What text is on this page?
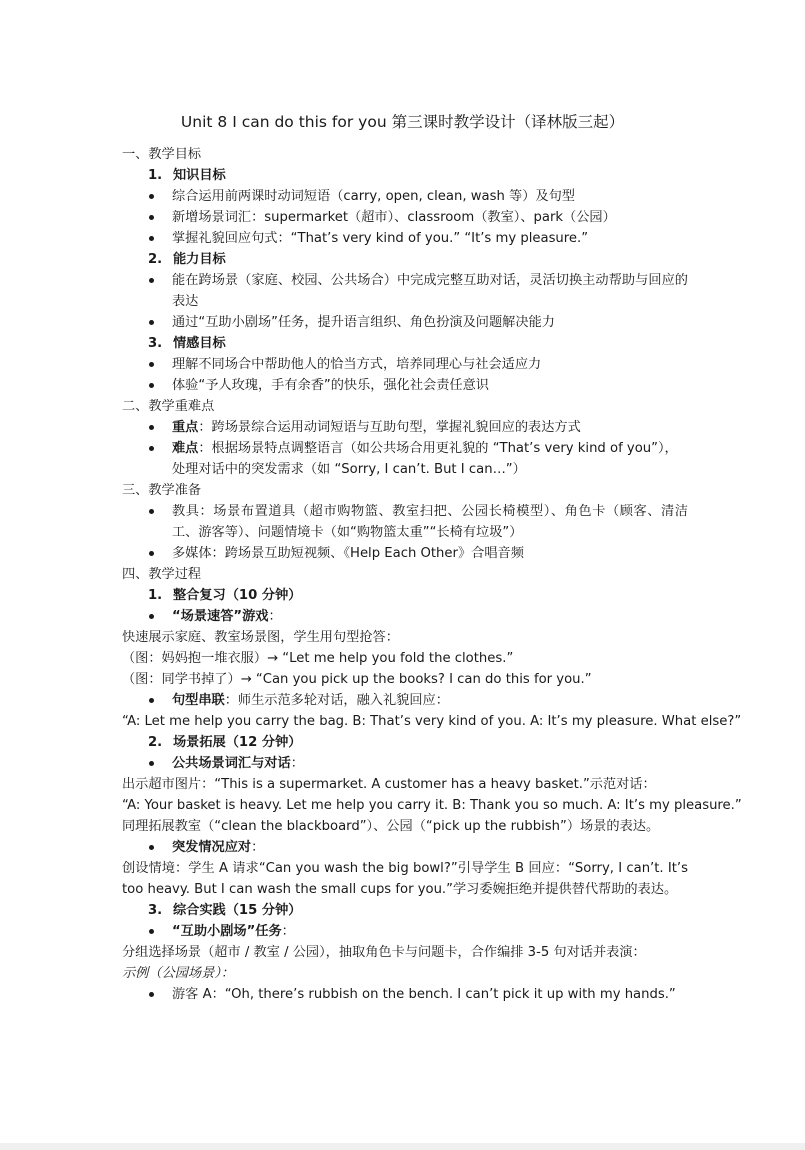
Unit 8 I can do this for you 第三课时教学设计（译林版三起）
一、教学目标
1. 知识目标
综合运用前两课时动词短语（carry, open, clean, wash 等）及句型
新增场景词汇：supermarket（超市）、classroom（教室）、park（公园）
掌握礼貌回应句式：“That’s very kind of you.” “It’s my pleasure.”
2. 能力目标
能在跨场景（家庭、校园、公共场合）中完成完整互助对话，灵活切换主动帮助与回应的表达
通过“互助小剧场”任务，提升语言组织、角色扮演及问题解决能力
3. 情感目标
理解不同场合中帮助他人的恰当方式，培养同理心与社会适应力
体验“予人玫瑰，手有余香”的快乐，强化社会责任意识
二、教学重难点
重点：跨场景综合运用动词短语与互助句型，掌握礼貌回应的表达方式
难点：根据场景特点调整语言（如公共场合用更礼貌的 “That’s very kind of you”），处理对话中的突发需求（如 “Sorry, I can’t. But I can…”）
三、教学准备
教具：场景布置道具（超市购物篮、教室扫把、公园长椅模型）、角色卡（顾客、清洁工、游客等）、问题情境卡（如“购物篮太重”“长椅有垃圾”）
多媒体：跨场景互助短视频、《Help Each Other》合唱音频
四、教学过程
1. 整合复习（10 分钟）
“场景速答”游戏：
快速展示家庭、教室场景图，学生用句型抢答：
（图：妈妈抱一堆衣服）→ “Let me help you fold the clothes.”
（图：同学书掉了）→ “Can you pick up the books? I can do this for you.”
句型串联：师生示范多轮对话，融入礼貌回应：
“A: Let me help you carry the bag. B: That’s very kind of you. A: It’s my pleasure. What else?”
2. 场景拓展（12 分钟）
公共场景词汇与对话：
出示超市图片：“This is a supermarket. A customer has a heavy basket.”示范对话：
“A: Your basket is heavy. Let me help you carry it. B: Thank you so much. A: It’s my pleasure.”
同理拓展教室（“clean the blackboard”）、公园（“pick up the rubbish”）场景的表达。
突发情况应对：
创设情境：学生 A 请求“Can you wash the big bowl?”引导学生 B 回应：“Sorry, I can’t. It’s too heavy. But I can wash the small cups for you.”学习委婉拒绝并提供替代帮助的表达。
3. 综合实践（15 分钟）
“互助小剧场”任务：
分组选择场景（超市 / 教室 / 公园），抽取角色卡与问题卡，合作编排 3-5 句对话并表演：
示例（公园场景）：
游客 A：“Oh, there’s rubbish on the bench. I can’t pick it up with my hands.”
